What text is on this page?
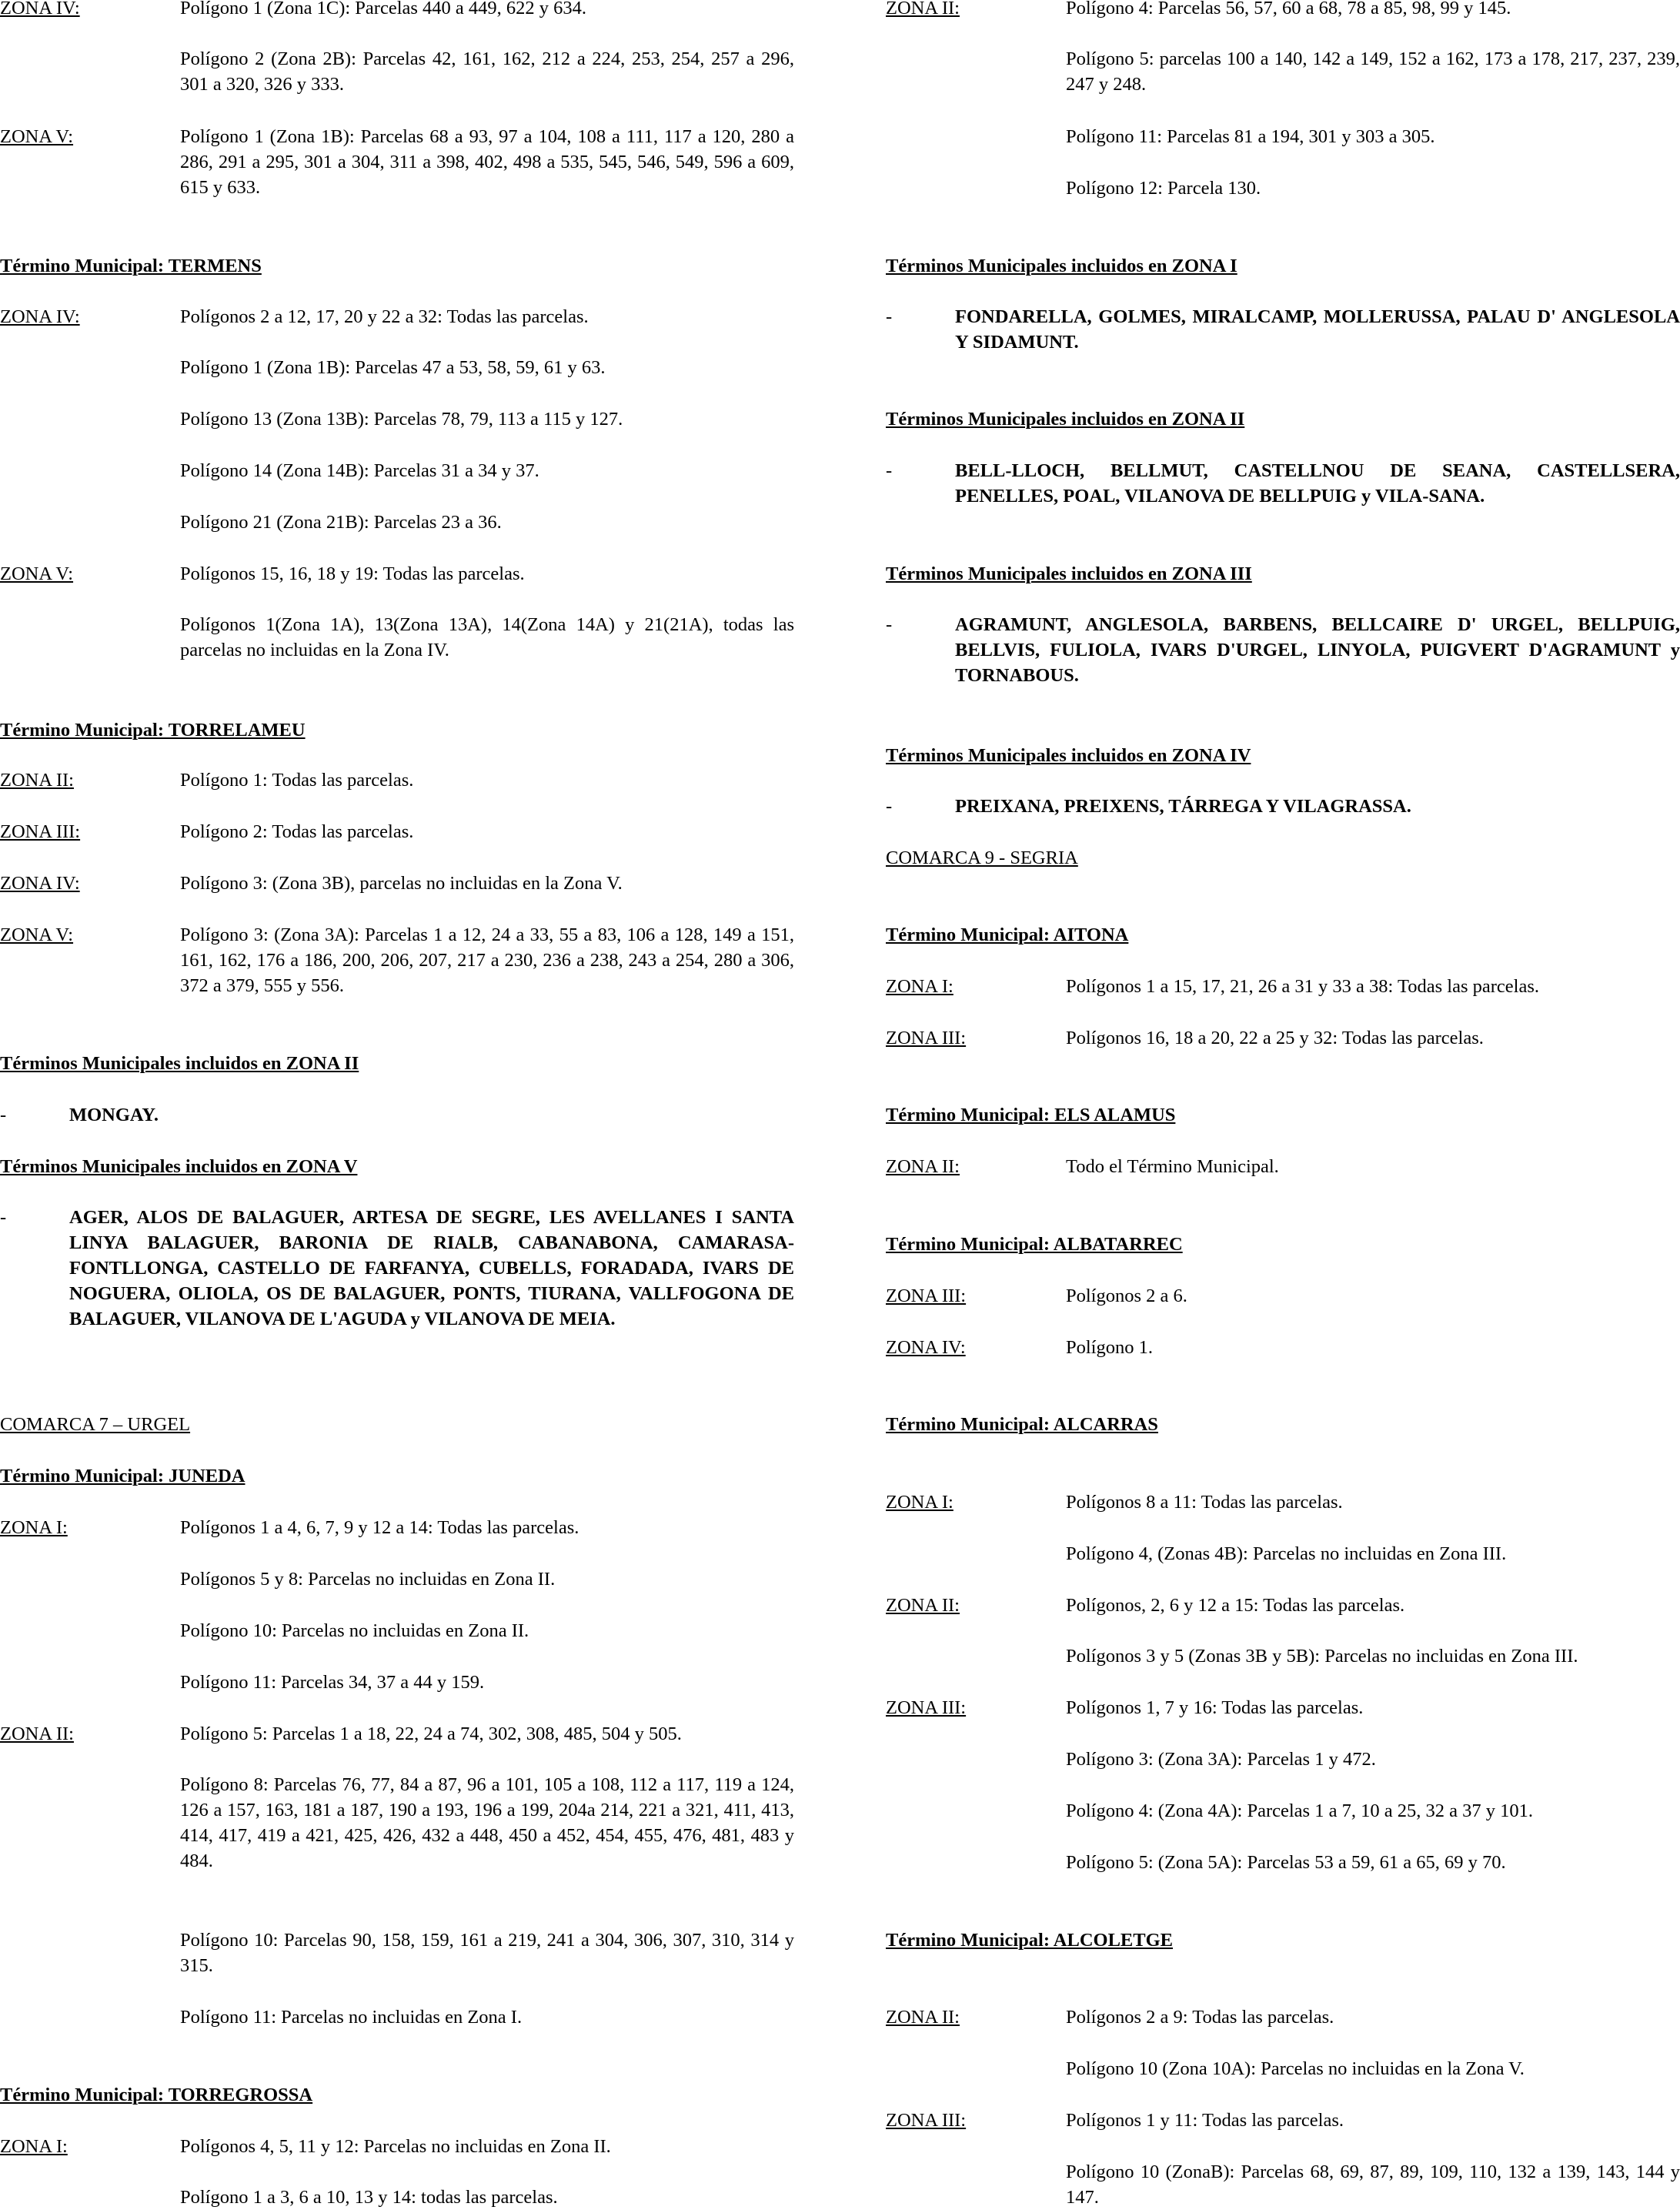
ZONA IV:	Polígono 1 (Zona 1C): Parcelas 440 a 449, 622 y 634.
Polígono 2 (Zona 2B): Parcelas 42, 161, 162, 212 a 224, 253, 254, 257 a 296, 301 a 320, 326 y 333.
ZONA V:	Polígono 1 (Zona 1B): Parcelas 68 a 93, 97 a 104, 108 a 111, 117 a 120, 280 a 286, 291 a 295, 301 a 304, 311 a 398, 402, 498 a 535, 545, 546, 549, 596 a 609, 615 y 633.
Término Municipal: TERMENS
ZONA IV:	Polígonos 2 a 12, 17, 20 y 22 a 32: Todas las parcelas.
Polígono 1 (Zona 1B): Parcelas 47 a 53, 58, 59, 61 y 63.
Polígono 13 (Zona 13B): Parcelas 78, 79, 113 a 115 y 127.
Polígono 14 (Zona 14B): Parcelas 31 a 34 y 37.
Polígono 21 (Zona 21B): Parcelas 23 a 36.
ZONA V:	Polígonos 15, 16, 18 y 19: Todas las parcelas.
Polígonos 1(Zona 1A), 13(Zona 13A), 14(Zona 14A) y 21(21A), todas las parcelas no incluidas en la Zona IV.
Término Municipal: TORRELAMEU
ZONA II:	Polígono 1: Todas las parcelas.
ZONA III:	Polígono 2: Todas las parcelas.
ZONA IV:	Polígono 3: (Zona 3B), parcelas no incluidas en la Zona V.
ZONA V:	Polígono 3: (Zona 3A): Parcelas 1 a 12, 24 a 33, 55 a 83, 106 a 128, 149 a 151, 161, 162, 176 a 186, 200, 206, 207, 217 a 230, 236 a 238, 243 a 254, 280 a 306, 372 a 379, 555 y 556.
Términos Municipales incluidos en ZONA II
-	MONGAY.
Términos Municipales incluidos en ZONA V
-	AGER, ALOS DE BALAGUER, ARTESA DE SEGRE, LES AVELLANES I SANTA LINYA BALAGUER, BARONIA DE RIALB, CABANABONA, CAMARASA-FONTLLONGA, CASTELLO DE FARFANYA, CUBELLS, FORADADA, IVARS DE NOGUERA, OLIOLA, OS DE BALAGUER, PONTS, TIURANA, VALLFOGONA DE BALAGUER, VILANOVA DE L'AGUDA y VILANOVA DE MEIA.
COMARCA 7 – URGEL
Término Municipal: JUNEDA
ZONA I:	Polígonos 1 a 4, 6, 7, 9 y 12 a 14: Todas las parcelas.
Polígonos 5 y 8: Parcelas no incluidas en Zona II.
Polígono 10: Parcelas no incluidas en Zona II.
Polígono 11: Parcelas 34, 37 a 44 y 159.
ZONA II:	Polígono 5: Parcelas 1 a 18, 22, 24 a 74, 302, 308, 485, 504 y 505.
Polígono 8: Parcelas 76, 77, 84 a 87, 96 a 101, 105 a 108, 112 a 117, 119 a 124, 126 a 157, 163, 181 a 187, 190 a 193, 196 a 199, 204a 214, 221 a 321, 411, 413, 414, 417, 419 a 421, 425, 426, 432 a 448, 450 a 452, 454, 455, 476, 481, 483 y 484.
Polígono 10: Parcelas 90, 158, 159, 161 a 219, 241 a 304, 306, 307, 310, 314 y 315.
Polígono 11: Parcelas no incluidas en Zona I.
Término Municipal: TORREGROSSA
ZONA I:	Polígonos 4, 5, 11 y 12: Parcelas no incluidas en Zona II.
Polígono 1 a 3, 6 a 10, 13 y 14: todas las parcelas.
ZONA II:	Polígono 4: Parcelas 56, 57, 60 a 68, 78 a 85, 98, 99 y 145.
Polígono 5: parcelas 100 a 140, 142 a 149, 152 a 162, 173 a 178, 217, 237, 239, 247 y 248.
Polígono 11: Parcelas 81 a 194, 301 y 303 a 305.
Polígono 12: Parcela 130.
Términos Municipales incluidos en ZONA I
-	FONDARELLA, GOLMES, MIRALCAMP, MOLLERUSSA, PALAU D' ANGLESOLA Y SIDAMUNT.
Términos Municipales incluidos en ZONA II
-	BELL-LLOCH, BELLMUT, CASTELLNOU DE SEANA, CASTELLSERA, PENELLES, POAL, VILANOVA DE BELLPUIG y VILA-SANA.
Términos Municipales incluidos en ZONA III
-	AGRAMUNT, ANGLESOLA, BARBENS, BELLCAIRE D' URGEL, BELLPUIG, BELLVIS, FULIOLA, IVARS D'URGEL, LINYOLA, PUIGVERT D'AGRAMUNT y TORNABOUS.
Términos Municipales incluidos en ZONA IV
-	PREIXANA, PREIXENS, TÁRREGA Y VILAGRASSA.
COMARCA 9 - SEGRIA
Término Municipal: AITONA
ZONA I:	Polígonos 1 a 15, 17, 21, 26 a 31 y 33 a 38: Todas las parcelas.
ZONA III:	Polígonos 16, 18 a 20, 22 a 25 y 32: Todas las parcelas.
Término Municipal: ELS ALAMUS
ZONA II:	Todo el Término Municipal.
Término Municipal: ALBATARREC
ZONA III:	Polígonos 2 a 6.
ZONA IV:	Polígono 1.
Término Municipal: ALCARRAS
ZONA I:	Polígonos 8 a 11: Todas las parcelas.
Polígono 4, (Zonas 4B): Parcelas no incluidas en Zona III.
ZONA II:	Polígonos, 2, 6 y 12 a 15: Todas las parcelas.
Polígonos 3 y 5 (Zonas 3B y 5B): Parcelas no incluidas en Zona III.
ZONA III:	Polígonos 1, 7 y 16: Todas las parcelas.
Polígono 3: (Zona 3A): Parcelas 1 y 472.
Polígono 4: (Zona 4A): Parcelas 1 a 7, 10 a 25, 32 a 37 y 101.
Polígono 5: (Zona 5A): Parcelas 53 a 59, 61 a 65, 69 y 70.
Término Municipal: ALCOLETGE
ZONA II:	Polígonos 2 a 9: Todas las parcelas.
Polígono 10 (Zona 10A): Parcelas no incluidas en la Zona V.
ZONA III:	Polígonos 1 y 11: Todas las parcelas.
Polígono 10 (ZonaB): Parcelas 68, 69, 87, 89, 109, 110, 132 a 139, 143, 144 y 147.
